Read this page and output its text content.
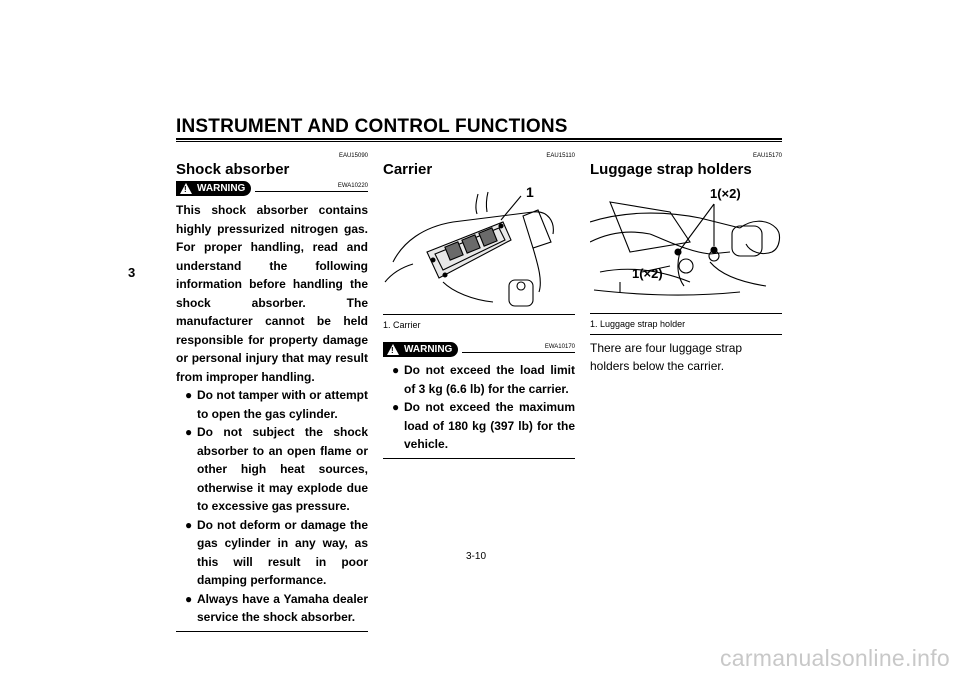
INSTRUMENT AND CONTROL FUNCTIONS
3
EAU15090
Shock absorber
EWA10220
! WARNING
This shock absorber contains highly pressurized nitrogen gas. For proper handling, read and understand the following information before handling the shock absorber. The manufacturer cannot be held responsible for property damage or personal injury that may result from improper handling.
● Do not tamper with or attempt to open the gas cylinder.
● Do not subject the shock absorber to an open flame or other high heat sources, otherwise it may explode due to excessive gas pressure.
● Do not deform or damage the gas cylinder in any way, as this will result in poor damping performance.
● Always have a Yamaha dealer service the shock absorber.
EAU15110
Carrier
1
1. Carrier
EWA10170
! WARNING
● Do not exceed the load limit of 3 kg (6.6 lb) for the carrier.
● Do not exceed the maximum load of 180 kg (397 lb) for the vehicle.
EAU15170
Luggage strap holders
1(×2)
1(×2)
1. Luggage strap holder
There are four luggage strap holders below the carrier.
3-10
carmanualsonline.info
